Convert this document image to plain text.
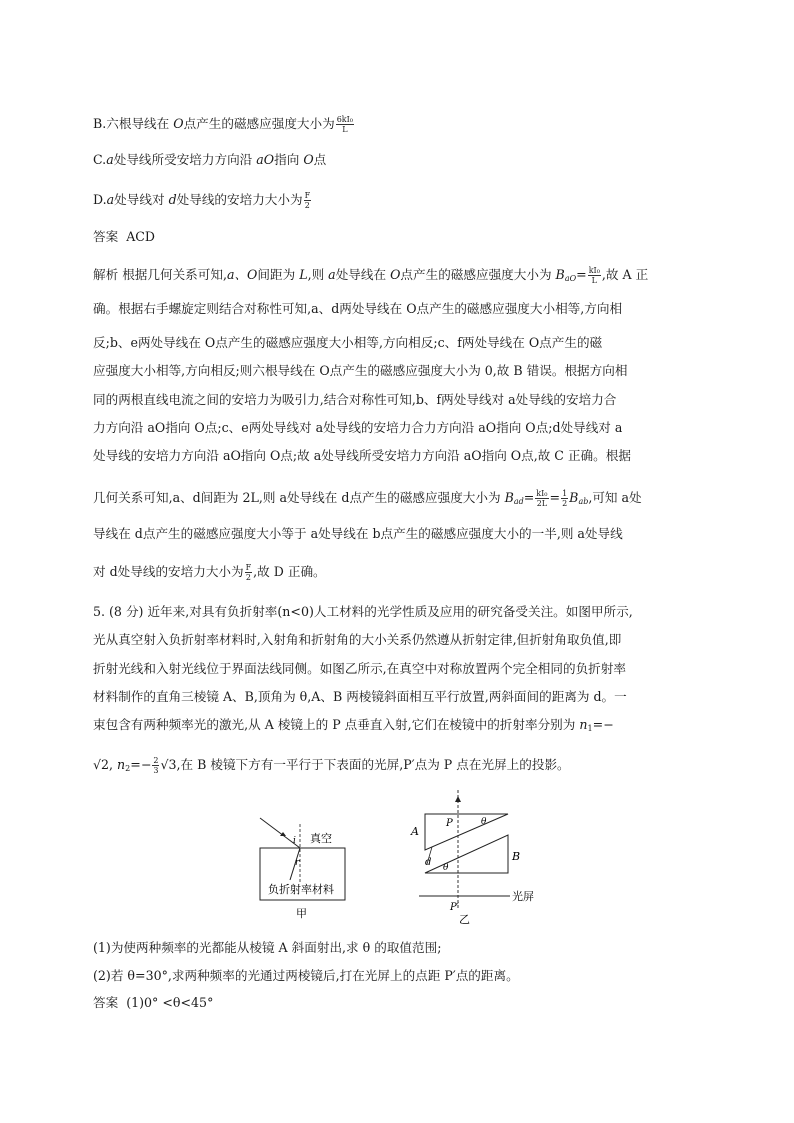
B.六根导线在 O点产生的磁感应强度大小为 $\frac{\text{6kI₀}}{L}$
C.a处导线所受安培力方向沿 aO指向 O点
D.a处导线对 d处导线的安培力大小为 $\frac{F}{2}$
答案 ACD
解析 根据几何关系可知,a、O间距为 L,则 a处导线在 O点产生的磁感应强度大小为 $B_{aO}= \frac{\text{kI₀}}{L}$ ,故 A 正
确。根据右手螺旋定则结合对称性可知,a、d两处导线在 O点产生的磁感应强度大小相等,方向相
反;b、e两处导线在 O点产生的磁感应强度大小相等,方向相反;c、f两处导线在 O点产生的磁
应强度大小相等,方向相反;则六根导线在 O点产生的磁感应强度大小为 0,故 B 错误。根据方向相
同的两根直线电流之间的安培力为吸引力,结合对称性可知,b、f两处导线对 a处导线的安培力合
力方向沿 aO指向 O点;c、e两处导线对 a处导线的安培力合力方向沿 aO指向 O点;d处导线对 a
处导线的安培力方向沿 aO指向 O点;故 a处导线所受安培力方向沿 aO指向 O点,故 C 正确。根据
几何关系可知,a、d间距为 2L,则 a处导线在 d点产生的磁感应强度大小为 $B_{ad}= \frac{\text{kI₀}}{2L} = \frac{1}{2} B_{ab}$,可知 a处
导线在 d点产生的磁感应强度大小等于 a处导线在 b点产生的磁感应强度大小的一半,则 a处导线
对 d处导线的安培力大小为 $\frac{F}{2}$ ,故 D 正确。
5. (8 分) 近年来,对具有负折射率(n<0)人工材料的光学性质及应用的研究备受关注。如图甲所示,
光从真空射入负折射率材料时,入射角和折射角的大小关系仍然遵从折射定律,但折射角取负值,即
折射光线和入射光线位于界面法线同侧。如图乙所示,在真空中对称放置两个完全相同的负折射率
材料制作的直角三棱镜 A、B,顶角为 θ,A、B 两棱镜斜面相互平行放置,两斜面间的距离为 d。一
束包含有两种频率光的激光,从 A 棱镜上的 P 点垂直入射,它们在棱镜中的折射率分别为 $n_1=-$
√2, $n_2=- \frac{2}{3} √3$,在 B 棱镜下方有一平行于下表面的光屏,P′点为 P 点在光屏上的投影。
i
r
真空
负折射率材料
甲
A
B
P
P′
d
θ
θ
光屏
乙
(1)为使两种频率的光都能从棱镜 A 斜面射出,求 θ 的取值范围;
(2)若 θ=30°,求两种频率的光通过两棱镜后,打在光屏上的点距 P′点的距离。
答案 (1)0° <θ<45°
